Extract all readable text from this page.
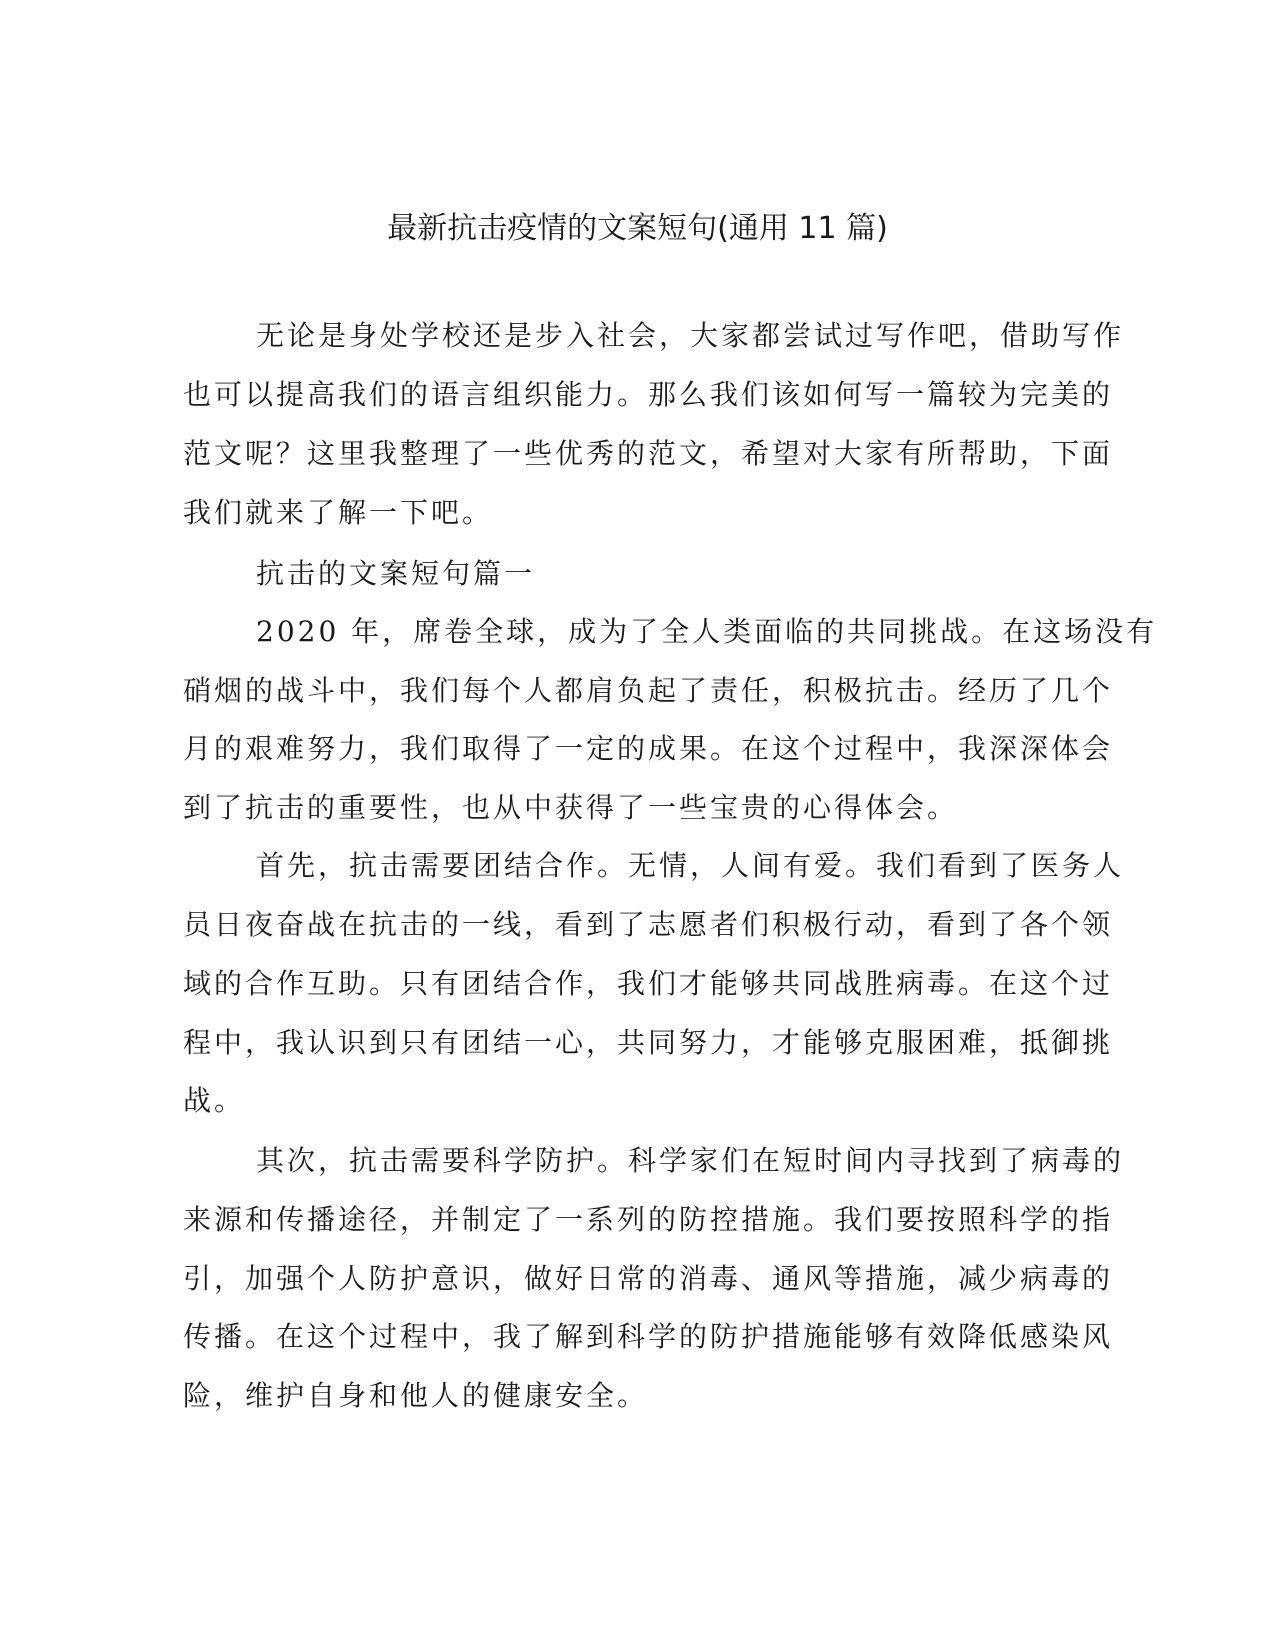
最新抗击疫情的文案短句(通用 11 篇)

无论是身处学校还是步入社会，大家都尝试过写作吧，借助写作

也可以提高我们的语言组织能力。那么我们该如何写一篇较为完美的

范文呢？这里我整理了一些优秀的范文，希望对大家有所帮助，下面

我们就来了解一下吧。

抗击的文案短句篇一

2020 年，席卷全球，成为了全人类面临的共同挑战。在这场没有

硝烟的战斗中，我们每个人都肩负起了责任，积极抗击。经历了几个

月的艰难努力，我们取得了一定的成果。在这个过程中，我深深体会

到了抗击的重要性，也从中获得了一些宝贵的心得体会。

首先，抗击需要团结合作。无情，人间有爱。我们看到了医务人

员日夜奋战在抗击的一线，看到了志愿者们积极行动，看到了各个领

域的合作互助。只有团结合作，我们才能够共同战胜病毒。在这个过

程中，我认识到只有团结一心，共同努力，才能够克服困难，抵御挑

战。

其次，抗击需要科学防护。科学家们在短时间内寻找到了病毒的

来源和传播途径，并制定了一系列的防控措施。我们要按照科学的指

引，加强个人防护意识，做好日常的消毒、通风等措施，减少病毒的

传播。在这个过程中，我了解到科学的防护措施能够有效降低感染风

险，维护自身和他人的健康安全。
